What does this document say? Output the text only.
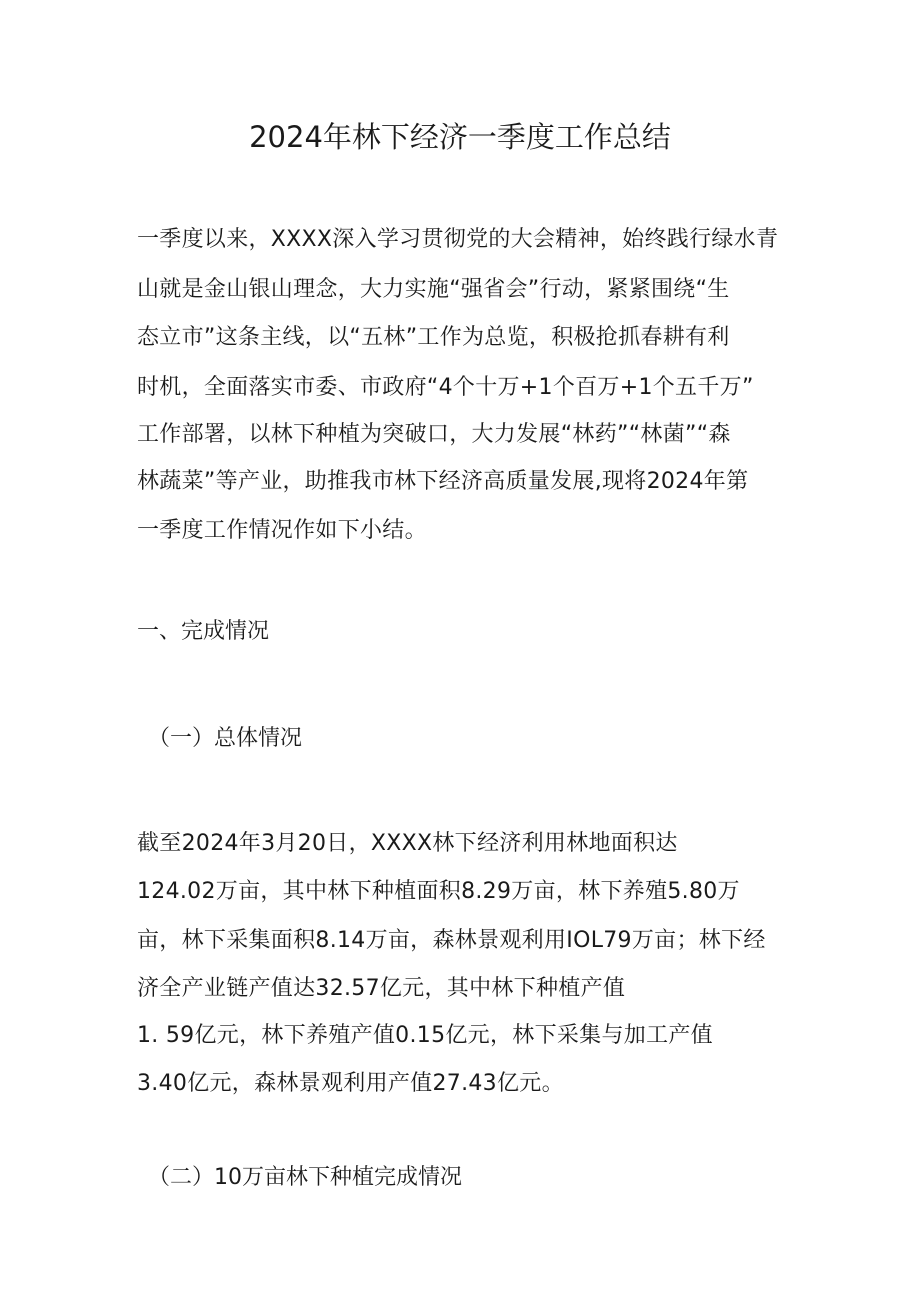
2024年林下经济一季度工作总结
一季度以来，XXXX深入学习贯彻党的大会精神，始终践行绿水青
山就是金山银山理念，大力实施“强省会”行动，紧紧围绕“生
态立市”这条主线，以“五林”工作为总览，积极抢抓春耕有利
时机，全面落实市委、市政府“4个十万+1个百万+1个五千万”
工作部署，以林下种植为突破口，大力发展“林药”“林菌”“森
林蔬菜”等产业，助推我市林下经济高质量发展,现将2024年第
一季度工作情况作如下小结。
一、完成情况
（一）总体情况
截至2024年3月20日，XXXX林下经济利用林地面积达
124.02万亩，其中林下种植面积8.29万亩，林下养殖5.80万
亩，林下采集面积8.14万亩，森林景观利用IOL79万亩；林下经
济全产业链产值达32.57亿元，其中林下种植产值
1. 59亿元，林下养殖产值0.15亿元，林下采集与加工产值
3.40亿元，森林景观利用产值27.43亿元。
（二）10万亩林下种植完成情况
